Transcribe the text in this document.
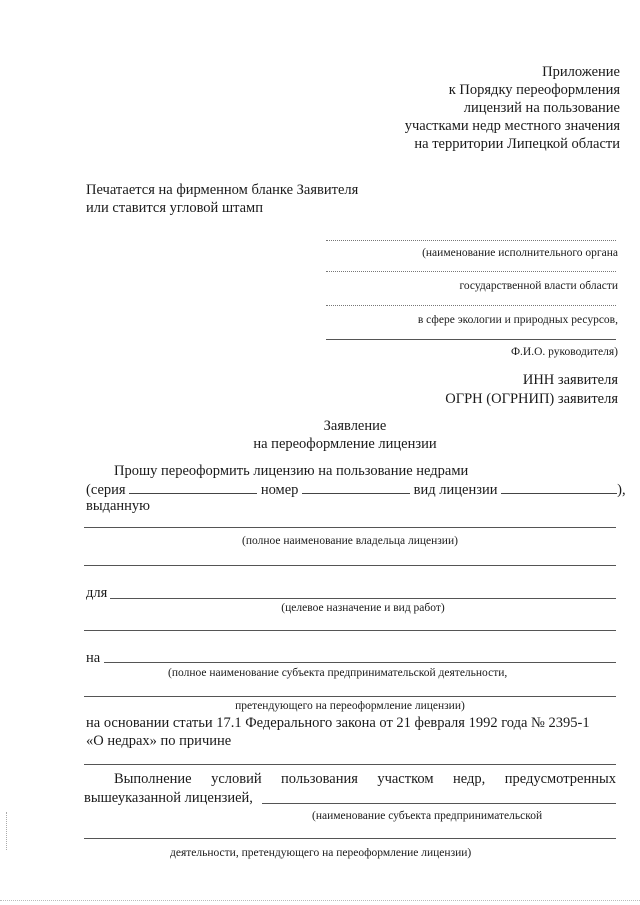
Приложение
к Порядку переоформления
лицензий на пользование
участками недр местного значения
на территории Липецкой области
Печатается на фирменном бланке Заявителя
или ставится угловой штамп
(наименование исполнительного органа
государственной власти области
в сфере экологии и природных ресурсов,
Ф.И.О. руководителя)
ИНН заявителя
ОГРН (ОГРНИП) заявителя
Заявление
на переоформление лицензии
Прошу переоформить лицензию на пользование недрами
(серия	номер	вид лицензии	),
выданную
(полное наименование владельца лицензии)
для
(целевое назначение и вид работ)
на
(полное наименование субъекта предпринимательской деятельности,
претендующего на переоформление лицензии)
на основании статьи 17.1 Федерального закона от 21 февраля 1992 года № 2395-1
«О недрах» по причине
Выполнение условий пользования участком недр, предусмотренных
вышеуказанной лицензией,
(наименование субъекта предпринимательской
деятельности, претендующего на переоформление лицензии)
